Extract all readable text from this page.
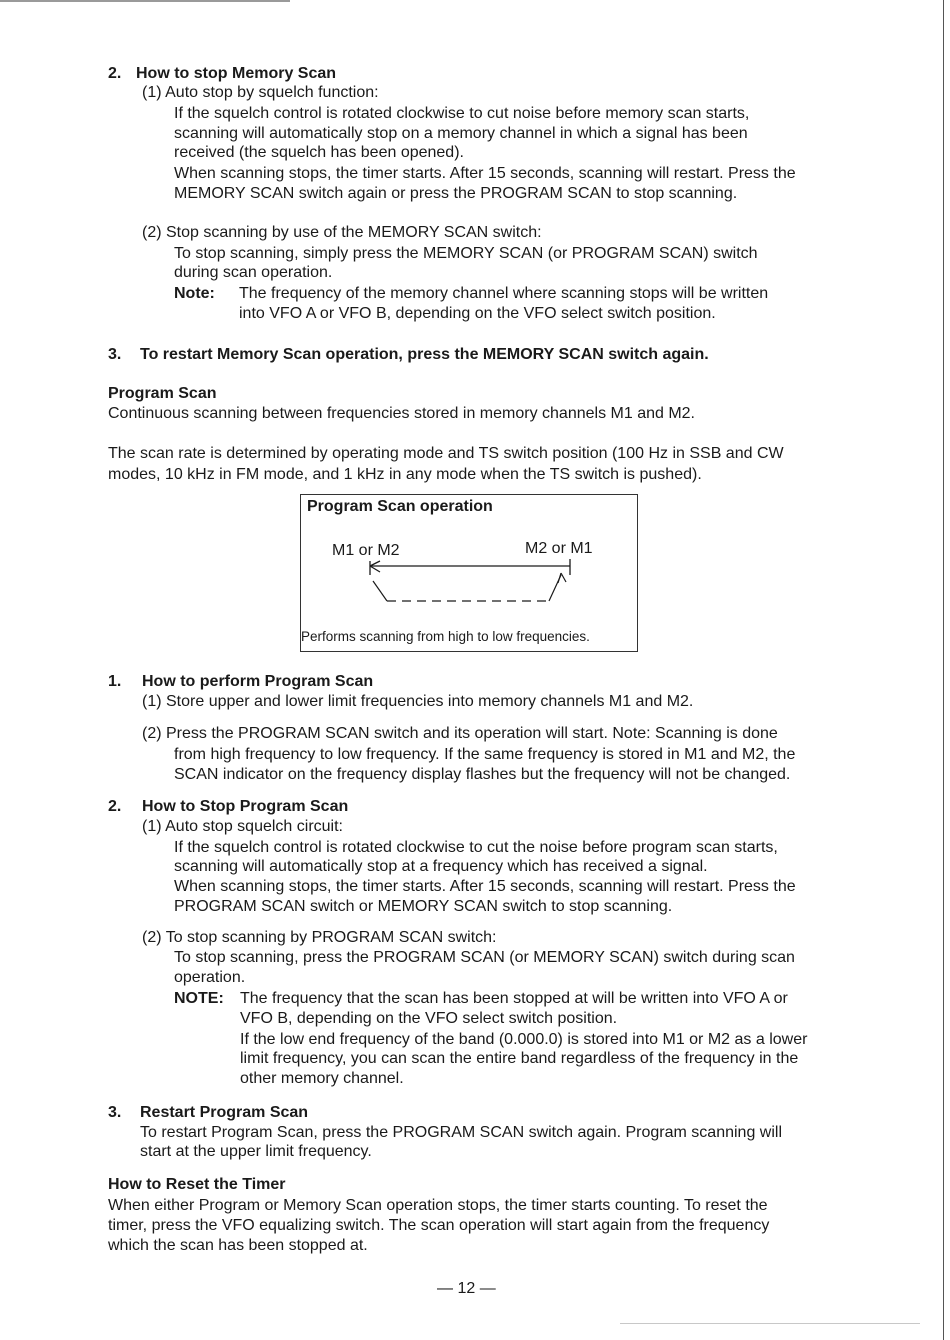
2. How to stop Memory Scan
(1) Auto stop by squelch function:
If the squelch control is rotated clockwise to cut noise before memory scan starts,
scanning will automatically stop on a memory channel in which a signal has been
received (the squelch has been opened).
When scanning stops, the timer starts. After 15 seconds, scanning will restart. Press the
MEMORY SCAN switch again or press the PROGRAM SCAN to stop scanning.
(2) Stop scanning by use of the MEMORY SCAN switch:
To stop scanning, simply press the MEMORY SCAN (or PROGRAM SCAN) switch
during scan operation.
Note: The frequency of the memory channel where scanning stops will be written
into VFO A or VFO B, depending on the VFO select switch position.
3. To restart Memory Scan operation, press the MEMORY SCAN switch again.
Program Scan
Continuous scanning between frequencies stored in memory channels M1 and M2.
The scan rate is determined by operating mode and TS switch position (100 Hz in SSB and CW
modes, 10 kHz in FM mode, and 1 kHz in any mode when the TS switch is pushed).
Program Scan operation
M1 or M2	M2 or M1
Performs scanning from high to low frequencies.
1. How to perform Program Scan
(1) Store upper and lower limit frequencies into memory channels M1 and M2.
(2) Press the PROGRAM SCAN switch and its operation will start. Note: Scanning is done
from high frequency to low frequency. If the same frequency is stored in M1 and M2, the
SCAN indicator on the frequency display flashes but the frequency will not be changed.
2. How to Stop Program Scan
(1) Auto stop squelch circuit:
If the squelch control is rotated clockwise to cut the noise before program scan starts,
scanning will automatically stop at a frequency which has received a signal.
When scanning stops, the timer starts. After 15 seconds, scanning will restart. Press the
PROGRAM SCAN switch or MEMORY SCAN switch to stop scanning.
(2) To stop scanning by PROGRAM SCAN switch:
To stop scanning, press the PROGRAM SCAN (or MEMORY SCAN) switch during scan
operation.
NOTE: The frequency that the scan has been stopped at will be written into VFO A or
VFO B, depending on the VFO select switch position.
If the low end frequency of the band (0.000.0) is stored into M1 or M2 as a lower
limit frequency, you can scan the entire band regardless of the frequency in the
other memory channel.
3. Restart Program Scan
To restart Program Scan, press the PROGRAM SCAN switch again. Program scanning will
start at the upper limit frequency.
How to Reset the Timer
When either Program or Memory Scan operation stops, the timer starts counting. To reset the
timer, press the VFO equalizing switch. The scan operation will start again from the frequency
which the scan has been stopped at.
— 12 —
